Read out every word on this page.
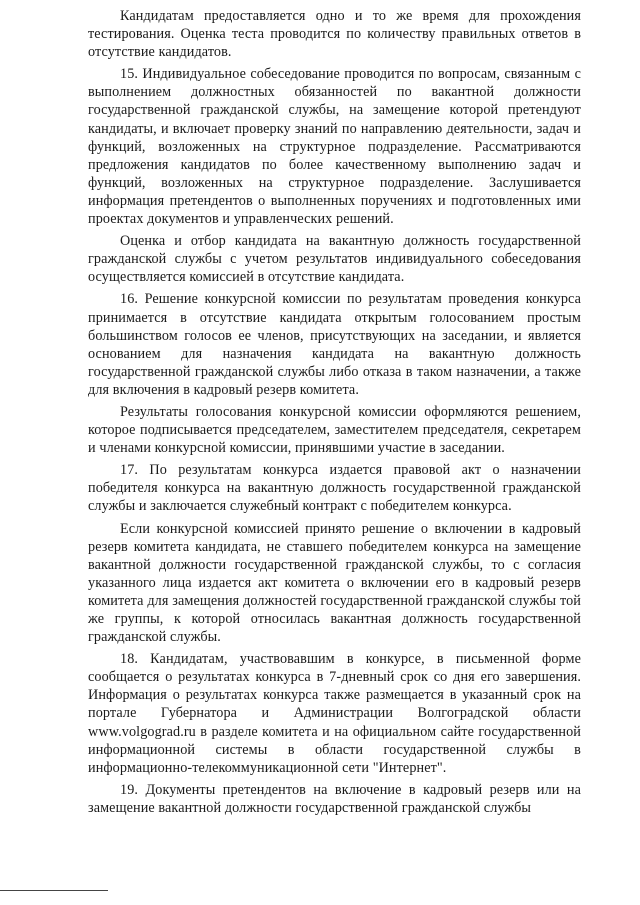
Кандидатам предоставляется одно и то же время для прохождения тестирования. Оценка теста проводится по количеству правильных ответов в отсутствие кандидатов.

15. Индивидуальное собеседование проводится по вопросам, связанным с выполнением должностных обязанностей по вакантной должности государственной гражданской службы, на замещение которой претендуют кандидаты, и включает проверку знаний по направлению деятельности, задач и функций, возложенных на структурное подразделение. Рассматриваются предложения кандидатов по более качественному выполнению задач и функций, возложенных на структурное подразделение. Заслушивается информация претендентов о выполненных поручениях и подготовленных ими проектах документов и управленческих решений.

Оценка и отбор кандидата на вакантную должность государственной гражданской службы с учетом результатов индивидуального собеседования осуществляется комиссией в отсутствие кандидата.

16. Решение конкурсной комиссии по результатам проведения конкурса принимается в отсутствие кандидата открытым голосованием простым большинством голосов ее членов, присутствующих на заседании, и является основанием для назначения кандидата на вакантную должность государственной гражданской службы либо отказа в таком назначении, а также для включения в кадровый резерв комитета.

Результаты голосования конкурсной комиссии оформляются решением, которое подписывается председателем, заместителем председателя, секретарем и членами конкурсной комиссии, принявшими участие в заседании.

17. По результатам конкурса издается правовой акт о назначении победителя конкурса на вакантную должность государственной гражданской службы и заключается служебный контракт с победителем конкурса.

Если конкурсной комиссией принято решение о включении в кадровый резерв комитета кандидата, не ставшего победителем конкурса на замещение вакантной должности государственной гражданской службы, то с согласия указанного лица издается акт комитета о включении его в кадровый резерв комитета для замещения должностей государственной гражданской службы той же группы, к которой относилась вакантная должность государственной гражданской службы.

18. Кандидатам, участвовавшим в конкурсе, в письменной форме сообщается о результатах конкурса в 7-дневный срок со дня его завершения. Информация о результатах конкурса также размещается в указанный срок на портале Губернатора и Администрации Волгоградской области www.volgograd.ru в разделе комитета и на официальном сайте государственной информационной системы в области государственной службы в информационно-телекоммуникационной сети "Интернет".

19. Документы претендентов на включение в кадровый резерв или на замещение вакантной должности государственной гражданской службы
